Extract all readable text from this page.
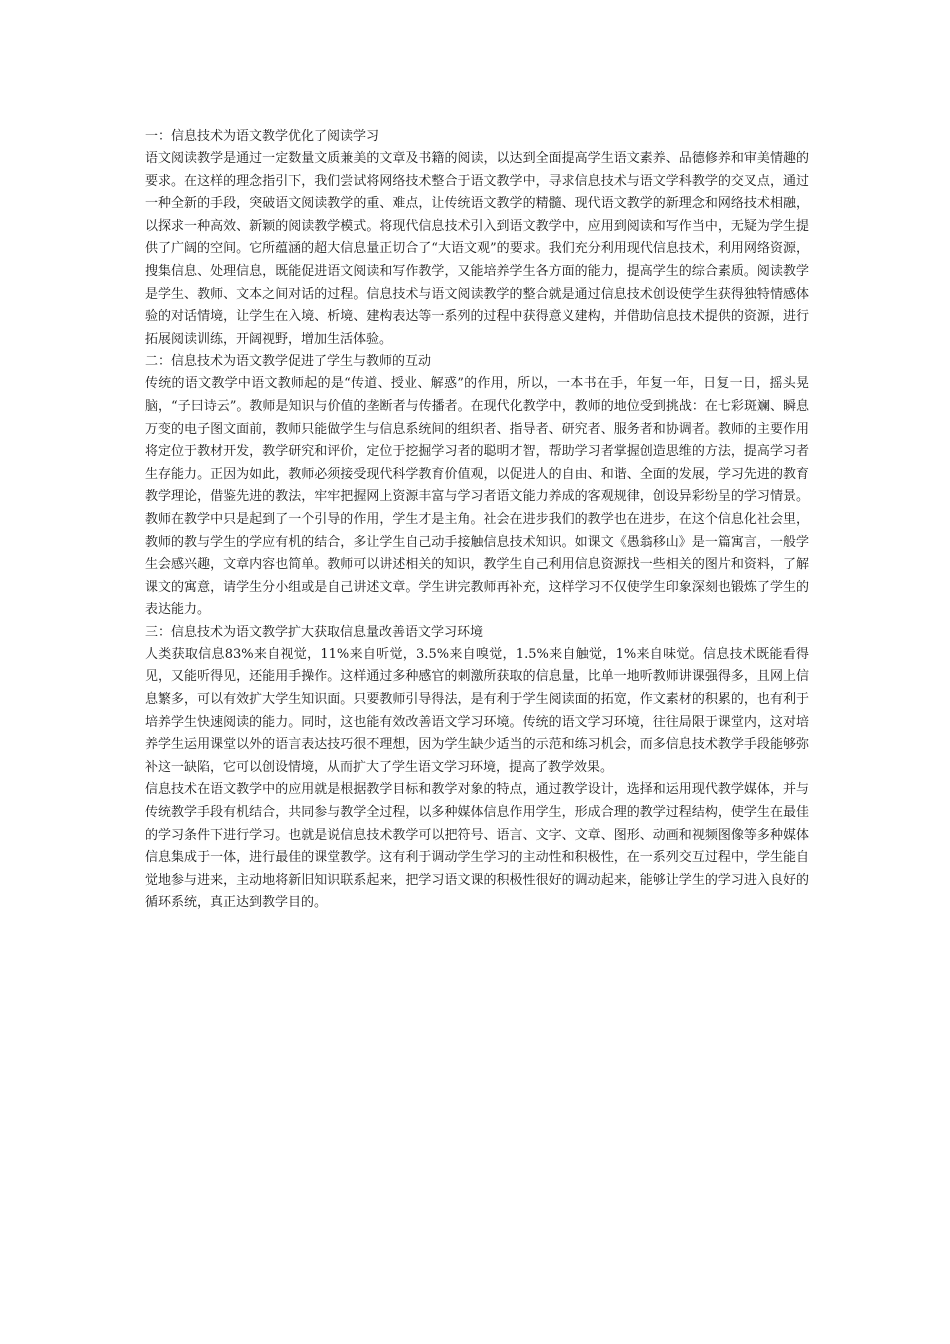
一：信息技术为语文教学优化了阅读学习

语文阅读教学是通过一定数量文质兼美的文章及书籍的阅读，以达到全面提高学生语文素养、品德修养和审美情趣的要求。在这样的理念指引下，我们尝试将网络技术整合于语文教学中，寻求信息技术与语文学科教学的交叉点，通过一种全新的手段，突破语文阅读教学的重、难点，让传统语文教学的精髓、现代语文教学的新理念和网络技术相融，以探求一种高效、新颖的阅读教学模式。将现代信息技术引入到语文教学中，应用到阅读和写作当中，无疑为学生提供了广阔的空间。它所蕴涵的超大信息量正切合了“大语文观”的要求。我们充分利用现代信息技术，利用网络资源，搜集信息、处理信息，既能促进语文阅读和写作教学，又能培养学生各方面的能力，提高学生的综合素质。阅读教学是学生、教师、文本之间对话的过程。信息技术与语文阅读教学的整合就是通过信息技术创设使学生获得独特情感体验的对话情境，让学生在入境、析境、建构表达等一系列的过程中获得意义建构，并借助信息技术提供的资源，进行拓展阅读训练，开阔视野，增加生活体验。

二：信息技术为语文教学促进了学生与教师的互动

传统的语文教学中语文教师起的是“传道、授业、解惑”的作用，所以，一本书在手，年复一年，日复一日，摇头晃脑，“子曰诗云”。教师是知识与价值的垄断者与传播者。在现代化教学中，教师的地位受到挑战：在七彩斑斓、瞬息万变的电子图文面前，教师只能做学生与信息系统间的组织者、指导者、研究者、服务者和协调者。教师的主要作用将定位于教材开发，教学研究和评价，定位于挖掘学习者的聪明才智，帮助学习者掌握创造思维的方法，提高学习者生存能力。正因为如此，教师必须接受现代科学教育价值观，以促进人的自由、和谐、全面的发展，学习先进的教育教学理论，借鉴先进的教法，牢牢把握网上资源丰富与学习者语文能力养成的客观规律，创设异彩纷呈的学习情景。教师在教学中只是起到了一个引导的作用，学生才是主角。社会在进步我们的教学也在进步，在这个信息化社会里，教师的教与学生的学应有机的结合，多让学生自己动手接触信息技术知识。如课文《愚翁移山》是一篇寓言，一般学生会感兴趣，文章内容也简单。教师可以讲述相关的知识，教学生自己利用信息资源找一些相关的图片和资料，了解课文的寓意，请学生分小组或是自己讲述文章。学生讲完教师再补充，这样学习不仅使学生印象深刻也锻炼了学生的表达能力。

三：信息技术为语文教学扩大获取信息量改善语文学习环境

人类获取信息83%来自视觉，11%来自听觉，3.5%来自嗅觉，1.5%来自触觉，1%来自味觉。信息技术既能看得见，又能听得见，还能用手操作。这样通过多种感官的刺激所获取的信息量，比单一地听教师讲课强得多，且网上信息繁多，可以有效扩大学生知识面。只要教师引导得法，是有利于学生阅读面的拓宽，作文素材的积累的，也有利于培养学生快速阅读的能力。同时，这也能有效改善语文学习环境。传统的语文学习环境，往往局限于课堂内，这对培养学生运用课堂以外的语言表达技巧很不理想，因为学生缺少适当的示范和练习机会，而多信息技术教学手段能够弥补这一缺陷，它可以创设情境，从而扩大了学生语文学习环境，提高了教学效果。

信息技术在语文教学中的应用就是根据教学目标和教学对象的特点，通过教学设计，选择和运用现代教学媒体，并与传统教学手段有机结合，共同参与教学全过程，以多种媒体信息作用学生，形成合理的教学过程结构，使学生在最佳的学习条件下进行学习。也就是说信息技术教学可以把符号、语言、文字、文章、图形、动画和视频图像等多种媒体信息集成于一体，进行最佳的课堂教学。这有利于调动学生学习的主动性和积极性，在一系列交互过程中，学生能自觉地参与进来，主动地将新旧知识联系起来，把学习语文课的积极性很好的调动起来，能够让学生的学习进入良好的循环系统，真正达到教学目的。
